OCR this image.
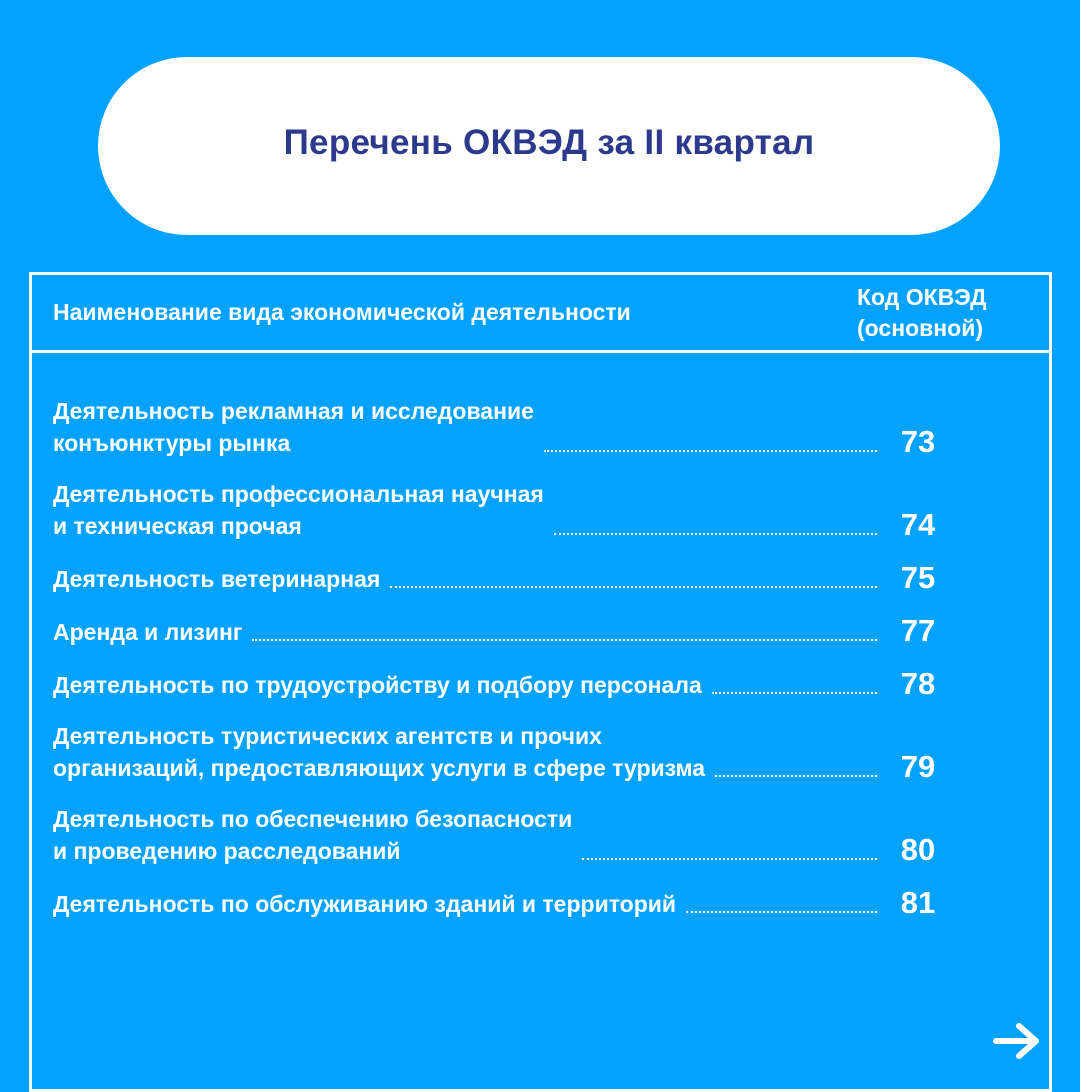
Перечень ОКВЭД за II квартал
Наименование вида экономической деятельности
Код ОКВЭД
(основной)
Деятельность рекламная и исследование
конъюнктуры рынка	73
Деятельность профессиональная научная
и техническая прочая	74
Деятельность ветеринарная	75
Аренда и лизинг	77
Деятельность по трудоустройству и подбору персонала	78
Деятельность туристических агентств и прочих
организаций, предоставляющих услуги в сфере туризма	79
Деятельность по обеспечению безопасности
и проведению расследований	80
Деятельность по обслуживанию зданий и территорий	81
